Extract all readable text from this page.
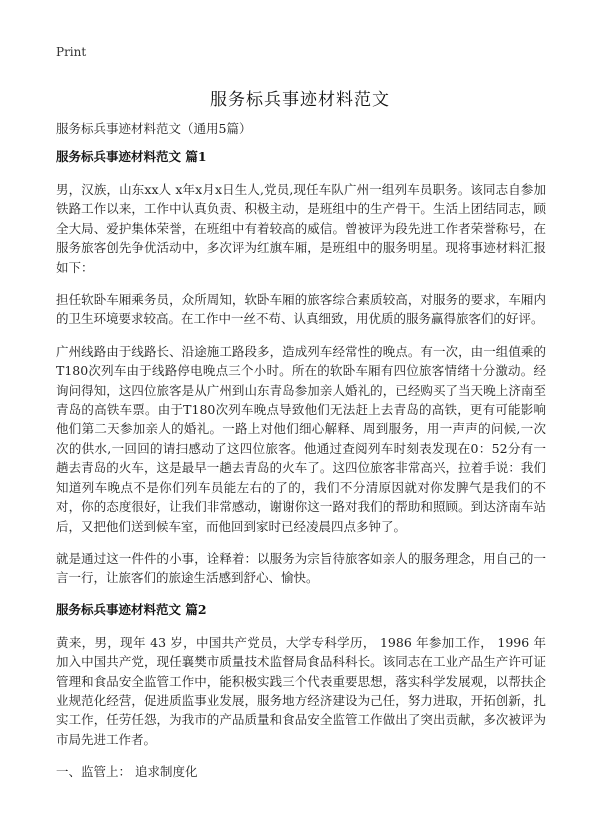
Print
服务标兵事迹材料范文
服务标兵事迹材料范文（通用5篇）
服务标兵事迹材料范文 篇1

男，汉族，山东xx人 x年x月x日生人,党员,现任车队广州一组列车员职务。该同志自参加铁路工作以来，工作中认真负责、积极主动，是班组中的生产骨干。生活上团结同志，顾全大局、爱护集体荣誉，在班组中有着较高的威信。曾被评为段先进工作者荣誉称号，在服务旅客创先争优活动中，多次评为红旗车厢，是班组中的服务明星。现将事迹材料汇报如下：

担任软卧车厢乘务员，众所周知，软卧车厢的旅客综合素质较高，对服务的要求，车厢内的卫生环境要求较高。在工作中一丝不苟、认真细致，用优质的服务赢得旅客们的好评。

广州线路由于线路长、沿途施工路段多，造成列车经常性的晚点。有一次，由一组值乘的T180次列车由于线路停电晚点三个小时。所在的软卧车厢有四位旅客情绪十分激动。经询问得知，这四位旅客是从广州到山东青岛参加亲人婚礼的，已经购买了当天晚上济南至青岛的高铁车票。由于T180次列车晚点导致他们无法赶上去青岛的高铁，更有可能影响他们第二天参加亲人的婚礼。一路上对他们细心解释、周到服务，用一声声的问候,一次次的供水,一回回的请扫感动了这四位旅客。他通过查阅列车时刻表发现在0：52分有一趟去青岛的火车，这是最早一趟去青岛的火车了。这四位旅客非常高兴，拉着手说：我们知道列车晚点不是你们列车员能左右的了的，我们不分清原因就对你发脾气是我们的不对，你的态度很好，让我们非常感动，谢谢你这一路对我们的帮助和照顾。到达济南车站后，又把他们送到候车室，而他回到家时已经凌晨四点多钟了。

就是通过这一件件的小事，诠释着：以服务为宗旨待旅客如亲人的服务理念，用自己的一言一行，让旅客们的旅途生活感到舒心、愉快。

服务标兵事迹材料范文 篇2

黄来，男，现年 43 岁，中国共产党员，大学专科学历， 1986 年参加工作， 1996 年加入中国共产党，现任襄樊市质量技术监督局食品科科长。该同志在工业产品生产许可证管理和食品安全监管工作中，能积极实践三个代表重要思想，落实科学发展观，以帮扶企业规范化经营，促进质监事业发展，服务地方经济建设为己任，努力进取，开拓创新，扎实工作，任劳任怨，为我市的产品质量和食品安全监管工作做出了突出贡献，多次被评为市局先进工作者。

一、监管上： 追求制度化
